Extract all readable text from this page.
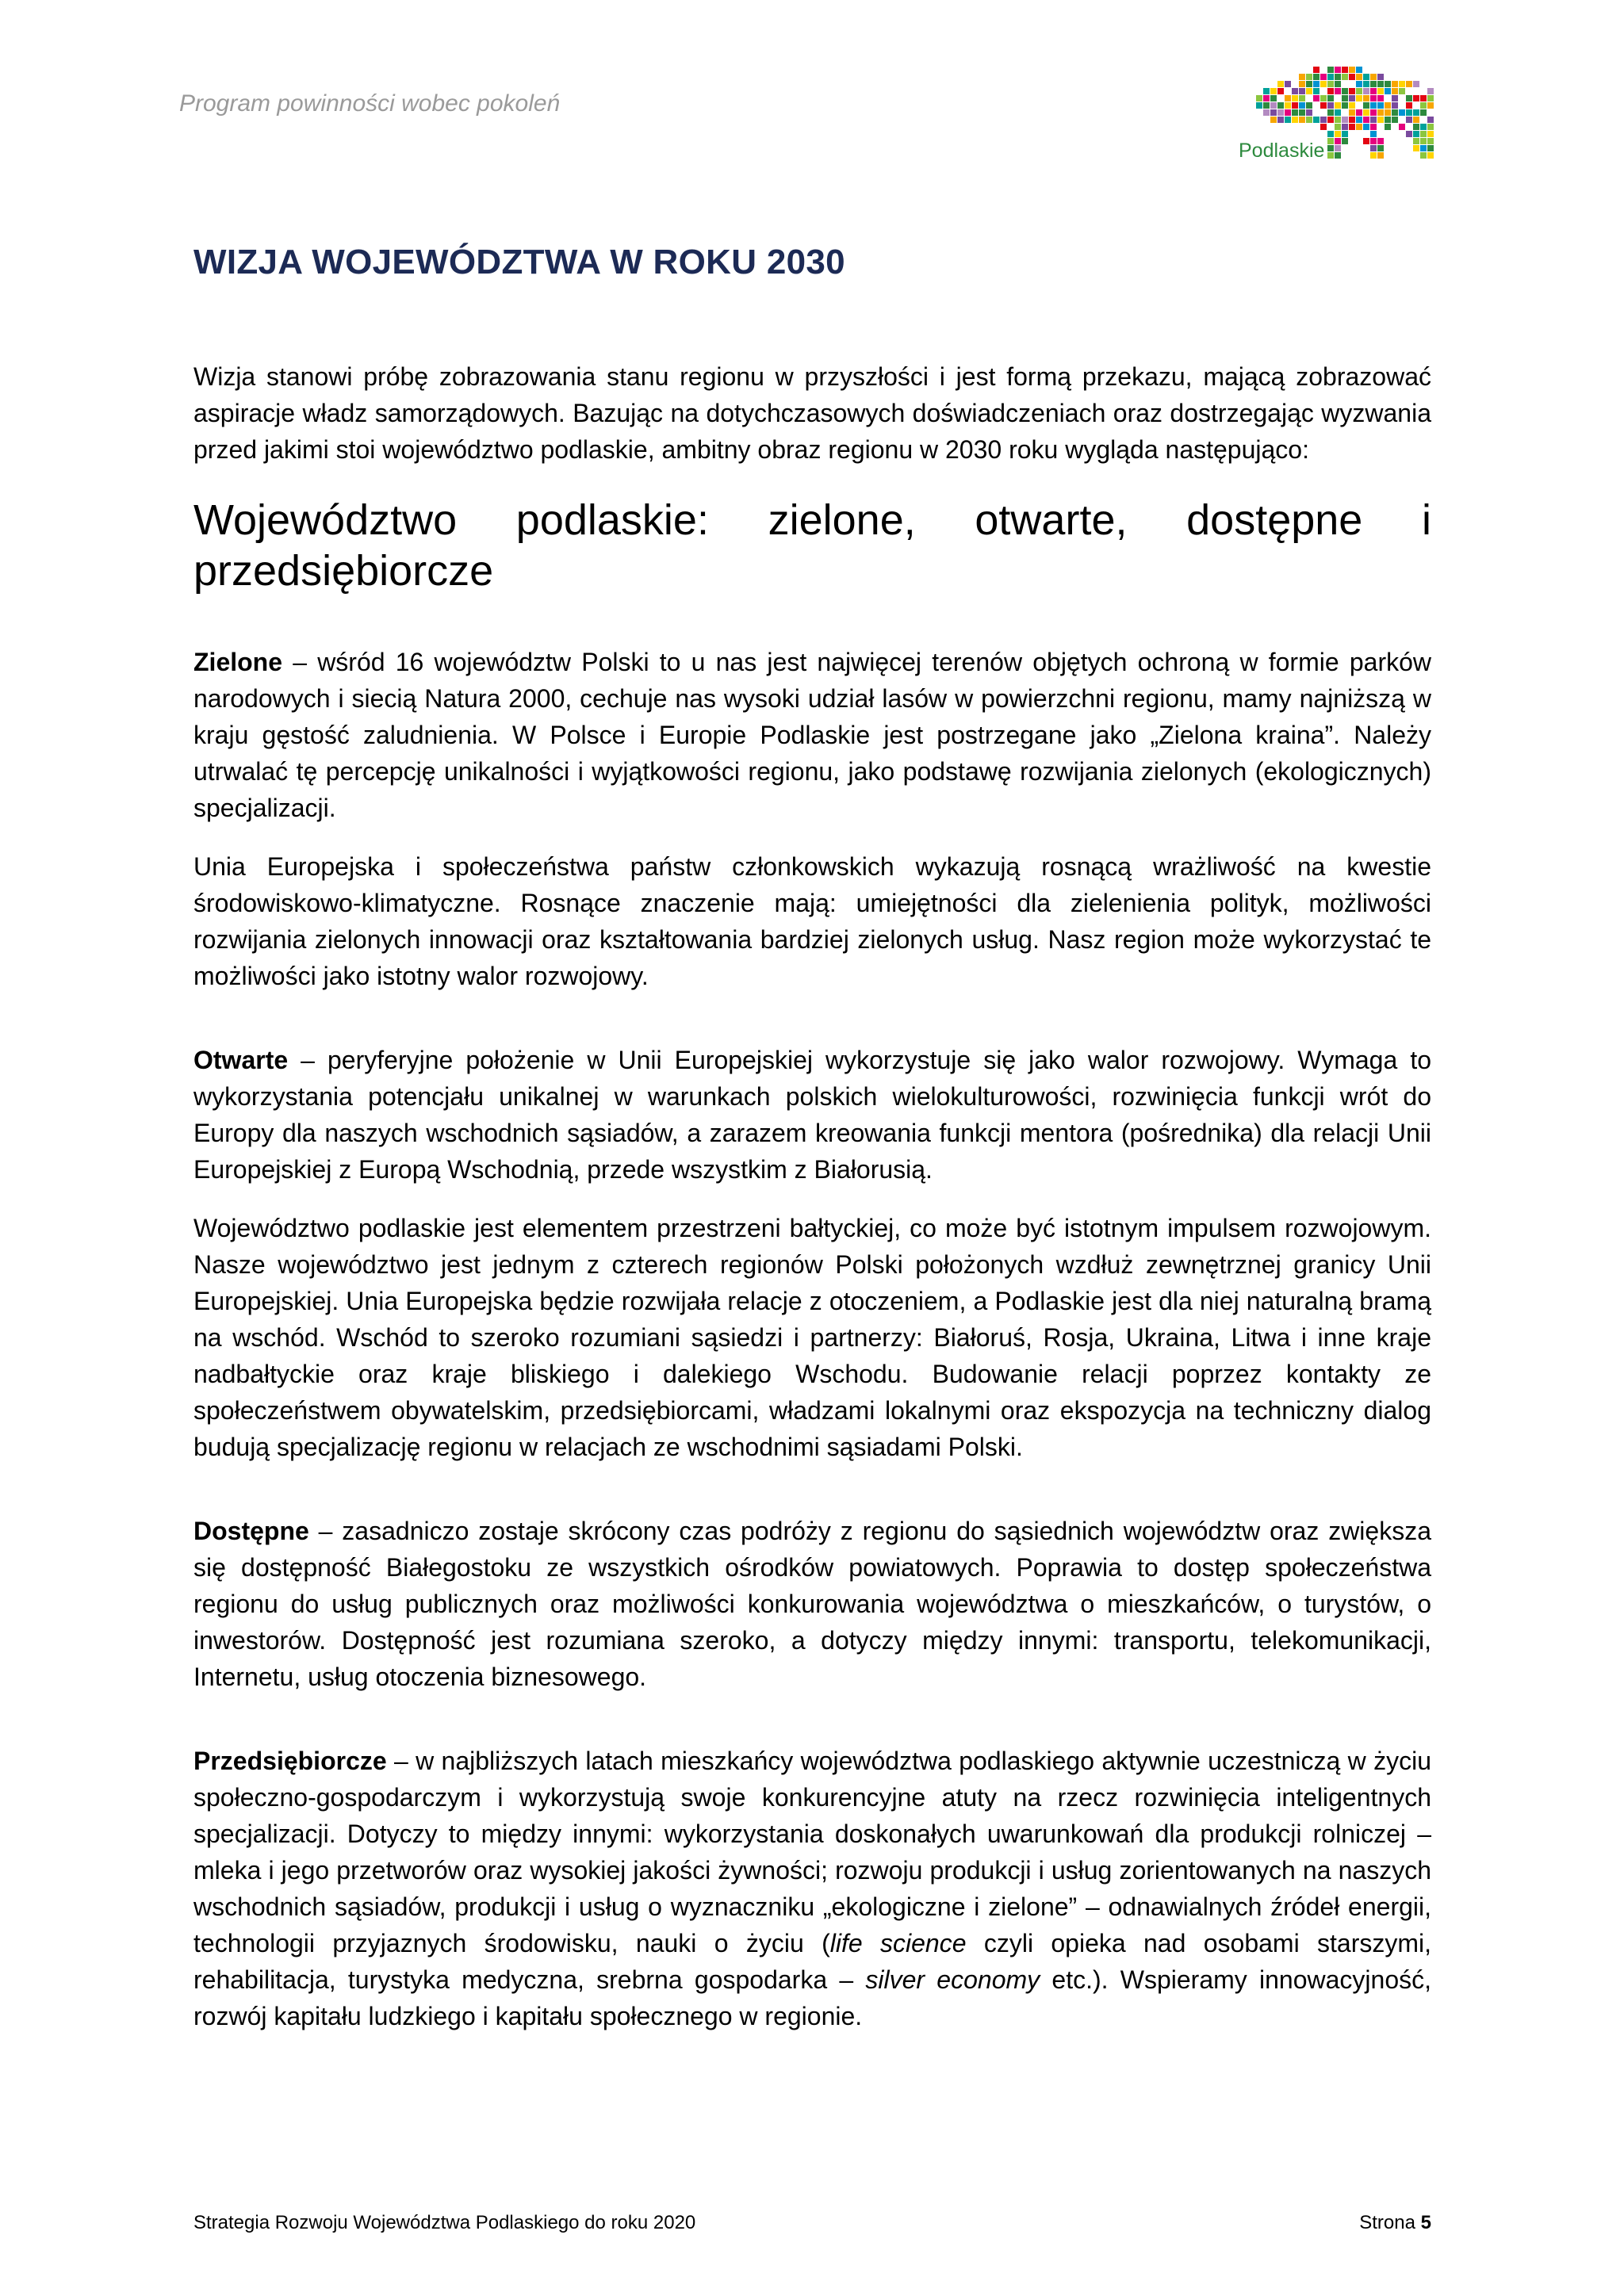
Program powinności wobec pokoleń
Podlaskie
WIZJA WOJEWÓDZTWA W ROKU 2030

Wizja stanowi próbę zobrazowania stanu regionu w przyszłości i jest formą przekazu, mającą zobrazować aspiracje władz samorządowych. Bazując na dotychczasowych doświadczeniach oraz dostrzegając wyzwania przed jakimi stoi województwo podlaskie, ambitny obraz regionu w 2030 roku wygląda następująco:

Województwo podlaskie: zielone, otwarte, dostępne i przedsiębiorcze

Zielone – wśród 16 województw Polski to u nas jest najwięcej terenów objętych ochroną w formie parków narodowych i siecią Natura 2000, cechuje nas wysoki udział lasów w powierzchni regionu, mamy najniższą w kraju gęstość zaludnienia. W Polsce i Europie Podlaskie jest postrzegane jako „Zielona kraina”. Należy utrwalać tę percepcję unikalności i wyjątkowości regionu, jako podstawę rozwijania zielonych (ekologicznych) specjalizacji.

Unia Europejska i społeczeństwa państw członkowskich wykazują rosnącą wrażliwość na kwestie środowiskowo-klimatyczne. Rosnące znaczenie mają: umiejętności dla zielenienia polityk, możliwości rozwijania zielonych innowacji oraz kształtowania bardziej zielonych usług. Nasz region może wykorzystać te możliwości jako istotny walor rozwojowy.

Otwarte – peryferyjne położenie w Unii Europejskiej wykorzystuje się jako walor rozwojowy. Wymaga to wykorzystania potencjału unikalnej w warunkach polskich wielokulturowości, rozwinięcia funkcji wrót do Europy dla naszych wschodnich sąsiadów, a zarazem kreowania funkcji mentora (pośrednika) dla relacji Unii Europejskiej z Europą Wschodnią, przede wszystkim z Białorusią.

Województwo podlaskie jest elementem przestrzeni bałtyckiej, co może być istotnym impulsem rozwojowym. Nasze województwo jest jednym z czterech regionów Polski położonych wzdłuż zewnętrznej granicy Unii Europejskiej. Unia Europejska będzie rozwijała relacje z otoczeniem, a Podlaskie jest dla niej naturalną bramą na wschód. Wschód to szeroko rozumiani sąsiedzi i partnerzy: Białoruś, Rosja, Ukraina, Litwa i inne kraje nadbałtyckie oraz kraje bliskiego i dalekiego Wschodu. Budowanie relacji poprzez kontakty ze społeczeństwem obywatelskim, przedsiębiorcami, władzami lokalnymi oraz ekspozycja na techniczny dialog budują specjalizację regionu w relacjach ze wschodnimi sąsiadami Polski.

Dostępne – zasadniczo zostaje skrócony czas podróży z regionu do sąsiednich województw oraz zwiększa się dostępność Białegostoku ze wszystkich ośrodków powiatowych. Poprawia to dostęp społeczeństwa regionu do usług publicznych oraz możliwości konkurowania województwa o mieszkańców, o turystów, o inwestorów. Dostępność jest rozumiana szeroko, a dotyczy między innymi: transportu, telekomunikacji, Internetu, usług otoczenia biznesowego.

Przedsiębiorcze – w najbliższych latach mieszkańcy województwa podlaskiego aktywnie uczestniczą w życiu społeczno-gospodarczym i wykorzystują swoje konkurencyjne atuty na rzecz rozwinięcia inteligentnych specjalizacji. Dotyczy to między innymi: wykorzystania doskonałych uwarunkowań dla produkcji rolniczej – mleka i jego przetworów oraz wysokiej jakości żywności; rozwoju produkcji i usług zorientowanych na naszych wschodnich sąsiadów, produkcji i usług o wyznaczniku „ekologiczne i zielone” – odnawialnych źródeł energii, technologii przyjaznych środowisku, nauki o życiu (life science czyli opieka nad osobami starszymi, rehabilitacja, turystyka medyczna, srebrna gospodarka – silver economy etc.). Wspieramy innowacyjność, rozwój kapitału ludzkiego i kapitału społecznego w regionie.

Strategia Rozwoju Województwa Podlaskiego do roku 2020	Strona 5
